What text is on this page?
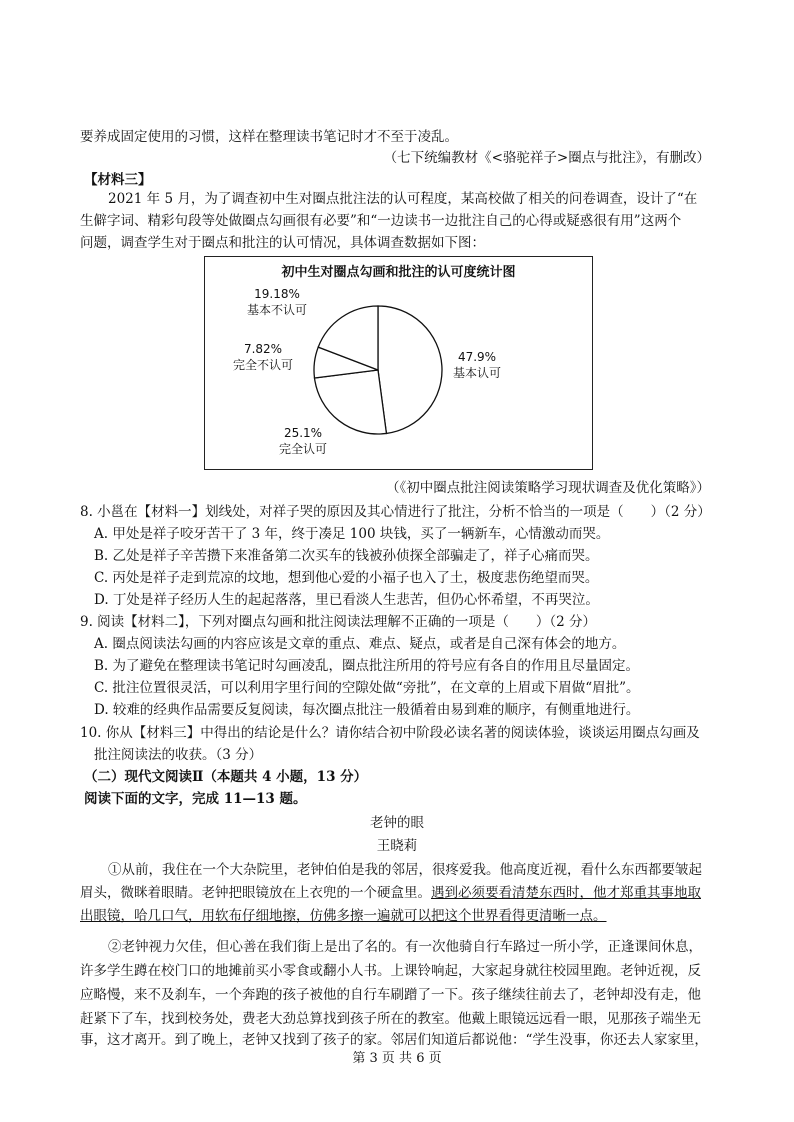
要养成固定使用的习惯，这样在整理读书笔记时才不至于凌乱。
（七下统编教材《<骆驼祥子>圈点与批注》，有删改）
【材料三】
2021 年 5 月，为了调查初中生对圈点批注法的认可程度，某高校做了相关的问卷调查，设计了“在
生僻字词、精彩句段等处做圈点勾画很有必要”和“一边读书一边批注自己的心得或疑惑很有用”这两个
问题，调查学生对于圈点和批注的认可情况，具体调查数据如下图：
初中生对圈点勾画和批注的认可度统计图
47.9%
基本认可
25.1%
完全认可
7.82%
完全不认可
19.18%
基本不认可
（《初中圈点批注阅读策略学习现状调查及优化策略》）
8. 小邕在【材料一】划线处，对祥子哭的原因及其心情进行了批注，分析不恰当的一项是（　　）（2 分）
A. 甲处是祥子咬牙苦干了 3 年，终于凑足 100 块钱，买了一辆新车，心情激动而哭。
B. 乙处是祥子辛苦攒下来准备第二次买车的钱被孙侦探全部骗走了，祥子心痛而哭。
C. 丙处是祥子走到荒凉的坟地，想到他心爱的小福子也入了土，极度悲伤绝望而哭。
D. 丁处是祥子经历人生的起起落落，里已看淡人生悲苦，但仍心怀希望，不再哭泣。
9. 阅读【材料二】，下列对圈点勾画和批注阅读法理解不正确的一项是（　　）（2 分）
A. 圈点阅读法勾画的内容应该是文章的重点、难点、疑点，或者是自己深有体会的地方。
B. 为了避免在整理读书笔记时勾画凌乱，圈点批注所用的符号应有各自的作用且尽量固定。
C. 批注位置很灵活，可以利用字里行间的空隙处做“旁批”，在文章的上眉或下眉做“眉批”。
D. 较难的经典作品需要反复阅读，每次圈点批注一般循着由易到难的顺序，有侧重地进行。
10. 你从【材料三】中得出的结论是什么？请你结合初中阶段必读名著的阅读体验，谈谈运用圈点勾画及
批注阅读法的收获。（3 分）
（二）现代文阅读Ⅱ（本题共 4 小题，13 分）
阅读下面的文字，完成 11—13 题。
老钟的眼
王晓莉
①从前，我住在一个大杂院里，老钟伯伯是我的邻居，很疼爱我。他高度近视，看什么东西都要皱起
眉头，微眯着眼睛。老钟把眼镜放在上衣兜的一个硬盒里。遇到必须要看清楚东西时，他才郑重其事地取
出眼镜，哈几口气，用软布仔细地擦，仿佛多擦一遍就可以把这个世界看得更清晰一点。
②老钟视力欠佳，但心善在我们街上是出了名的。有一次他骑自行车路过一所小学，正逢课间休息，
许多学生蹲在校门口的地摊前买小零食或翻小人书。上课铃响起，大家起身就往校园里跑。老钟近视，反
应略慢，来不及刹车，一个奔跑的孩子被他的自行车刷蹭了一下。孩子继续往前去了，老钟却没有走，他
赶紧下了车，找到校务处，费老大劲总算找到孩子所在的教室。他戴上眼镜远远看一眼，见那孩子端坐无
事，这才离开。到了晚上，老钟又找到了孩子的家。邻居们知道后都说他：“学生没事，你还去人家家里，
第 3 页 共 6 页
